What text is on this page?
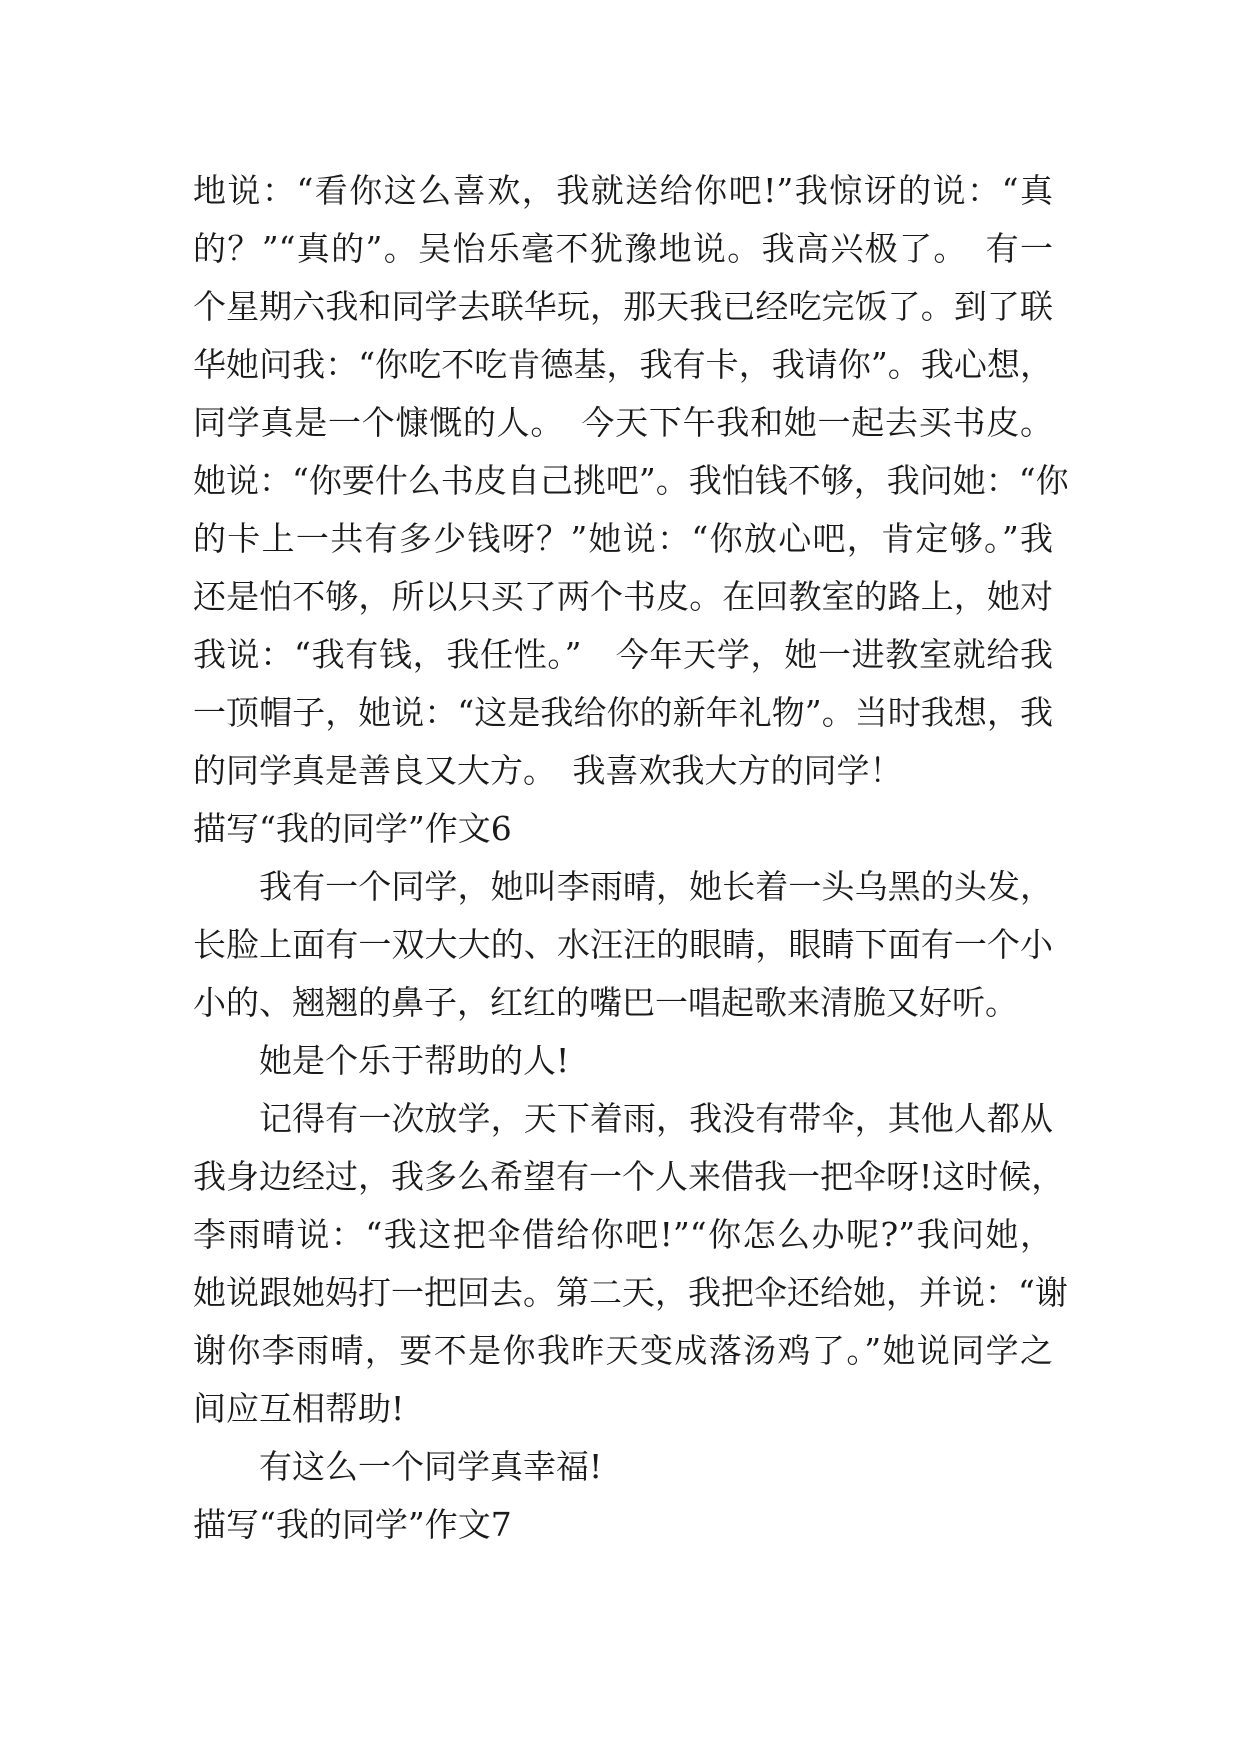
地说：“看你这么喜欢，我就送给你吧!”我惊讶的说：“真
的？”“真的”。吴怡乐毫不犹豫地说。我高兴极了。　有一
个星期六我和同学去联华玩，那天我已经吃完饭了。到了联
华她问我：“你吃不吃肯德基，我有卡，我请你”。我心想，
同学真是一个慷慨的人。　今天下午我和她一起去买书皮。
她说：“你要什么书皮自己挑吧”。我怕钱不够，我问她：“你
的卡上一共有多少钱呀？”她说：“你放心吧，肯定够。”我
还是怕不够，所以只买了两个书皮。在回教室的路上，她对
我说：“我有钱，我任性。”　今年天学，她一进教室就给我
一顶帽子，她说：“这是我给你的新年礼物”。当时我想，我
的同学真是善良又大方。　我喜欢我大方的同学！
描写“我的同学”作文6
我有一个同学，她叫李雨晴，她长着一头乌黑的头发，
长脸上面有一双大大的、水汪汪的眼睛，眼睛下面有一个小
小的、翘翘的鼻子，红红的嘴巴一唱起歌来清脆又好听。
她是个乐于帮助的人!
记得有一次放学，天下着雨，我没有带伞，其他人都从
我身边经过，我多么希望有一个人来借我一把伞呀!这时候，
李雨晴说：“我这把伞借给你吧!”“你怎么办呢?”我问她，
她说跟她妈打一把回去。第二天，我把伞还给她，并说：“谢
谢你李雨晴，要不是你我昨天变成落汤鸡了。”她说同学之
间应互相帮助!
有这么一个同学真幸福!
描写“我的同学”作文7
